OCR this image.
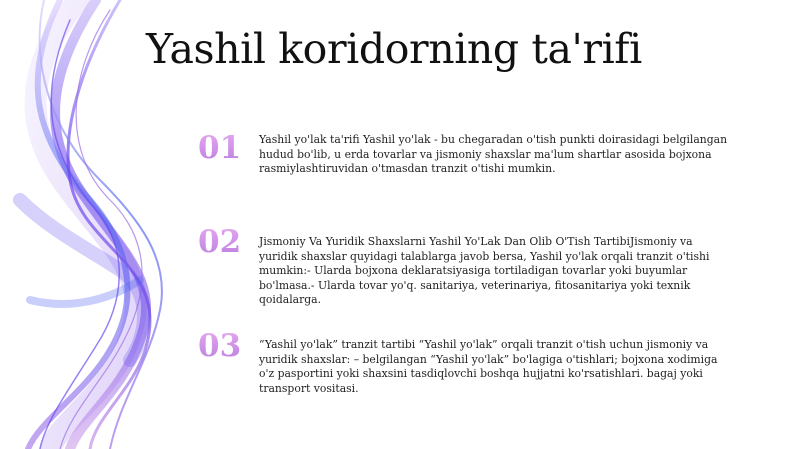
Yashil koridorning ta'rifi
01 Yashil yo'lak ta'rifi Yashil yo'lak - bu chegaradan o'tish punkti doirasidagi belgilangan hudud bo'lib, u erda tovarlar va jismoniy shaxslar ma'lum shartlar asosida bojxona rasmiylashtiruvidan o'tmasdan tranzit o'tishi mumkin.

02 Jismoniy Va Yuridik Shaxslarni Yashil Yo'Lak Dan Olib O'Tish TartibiJismoniy va yuridik shaxslar quyidagi talablarga javob bersa, Yashil yo'lak orqali tranzit o'tishi mumkin:- Ularda bojxona deklaratsiyasiga tortiladigan tovarlar yoki buyumlar bo'lmasa.- Ularda tovar yo'q. sanitariya, veterinariya, fitosanitariya yoki texnik qoidalarga.

03 “Yashil yo'lak” tranzit tartibi “Yashil yo'lak” orqali tranzit o'tish uchun jismoniy va yuridik shaxslar: – belgilangan “Yashil yo'lak” bo'lagiga o'tishlari; bojxona xodimiga o'z pasportini yoki shaxsini tasdiqlovchi boshqa hujjatni ko'rsatishlari. bagaj yoki transport vositasi.
